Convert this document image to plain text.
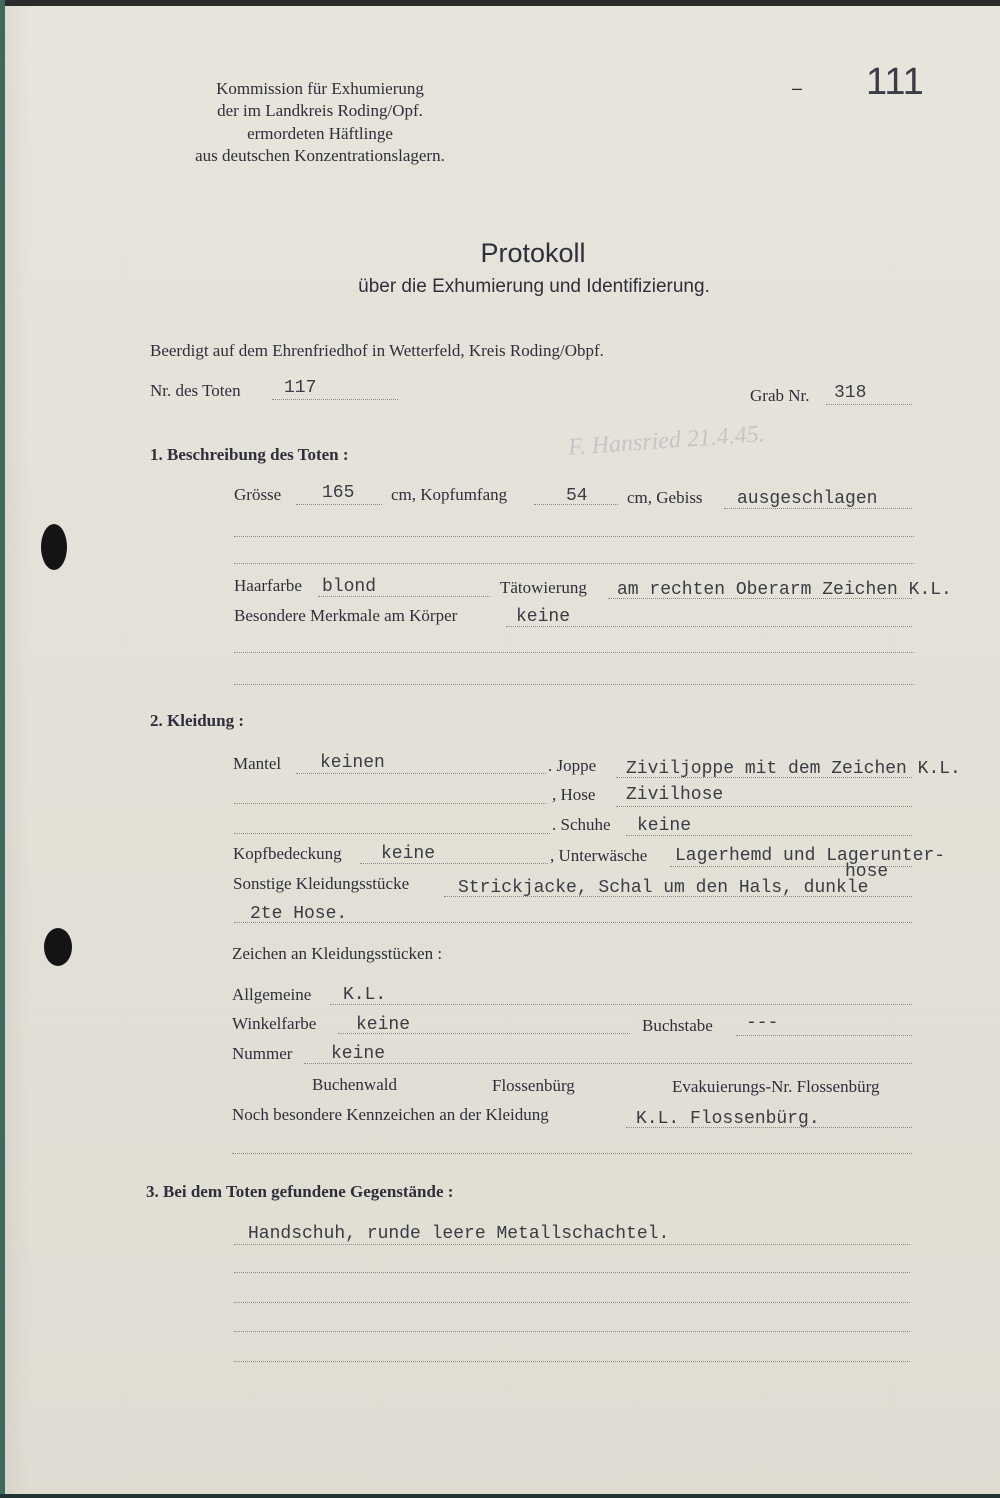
Kommission für Exhumierung
der im Landkreis Roding/Opf.
ermordeten Häftlinge
aus deutschen Konzentrationslagern.
– 111
Protokoll
über die Exhumierung und Identifizierung.
Beerdigt auf dem Ehrenfriedhof in Wetterfeld, Kreis Roding/Obpf.
Nr. des Toten 117	Grab Nr. 318
1. Beschreibung des Toten :	F. Hansried 21.4.45.
Grösse 165 cm, Kopfumfang	54 cm, Gebiss ausgeschlagen
Haarfarbe blond	Tätowierung am rechten Oberarm Zeichen K.L.
Besondere Merkmale am Körper	keine
2. Kleidung :
Mantel keinen	. Joppe Ziviljoppe mit dem Zeichen K.L.
, Hose Zivilhose
. Schuhe keine
Kopfbedeckung keine	, Unterwäsche Lagerhemd und Lagerunter-
hose
Sonstige Kleidungsstücke	Strickjacke, Schal um den Hals, dunkle
2te Hose.
Zeichen an Kleidungsstücken :
Allgemeine K.L.
Winkelfarbe keine	Buchstabe ---
Nummer keine
Buchenwald	Flossenbürg	Evakuierungs-Nr. Flossenbürg
Noch besondere Kennzeichen an der Kleidung	K.L. Flossenbürg.
3. Bei dem Toten gefundene Gegenstände :
Handschuh, runde leere Metallschachtel.
